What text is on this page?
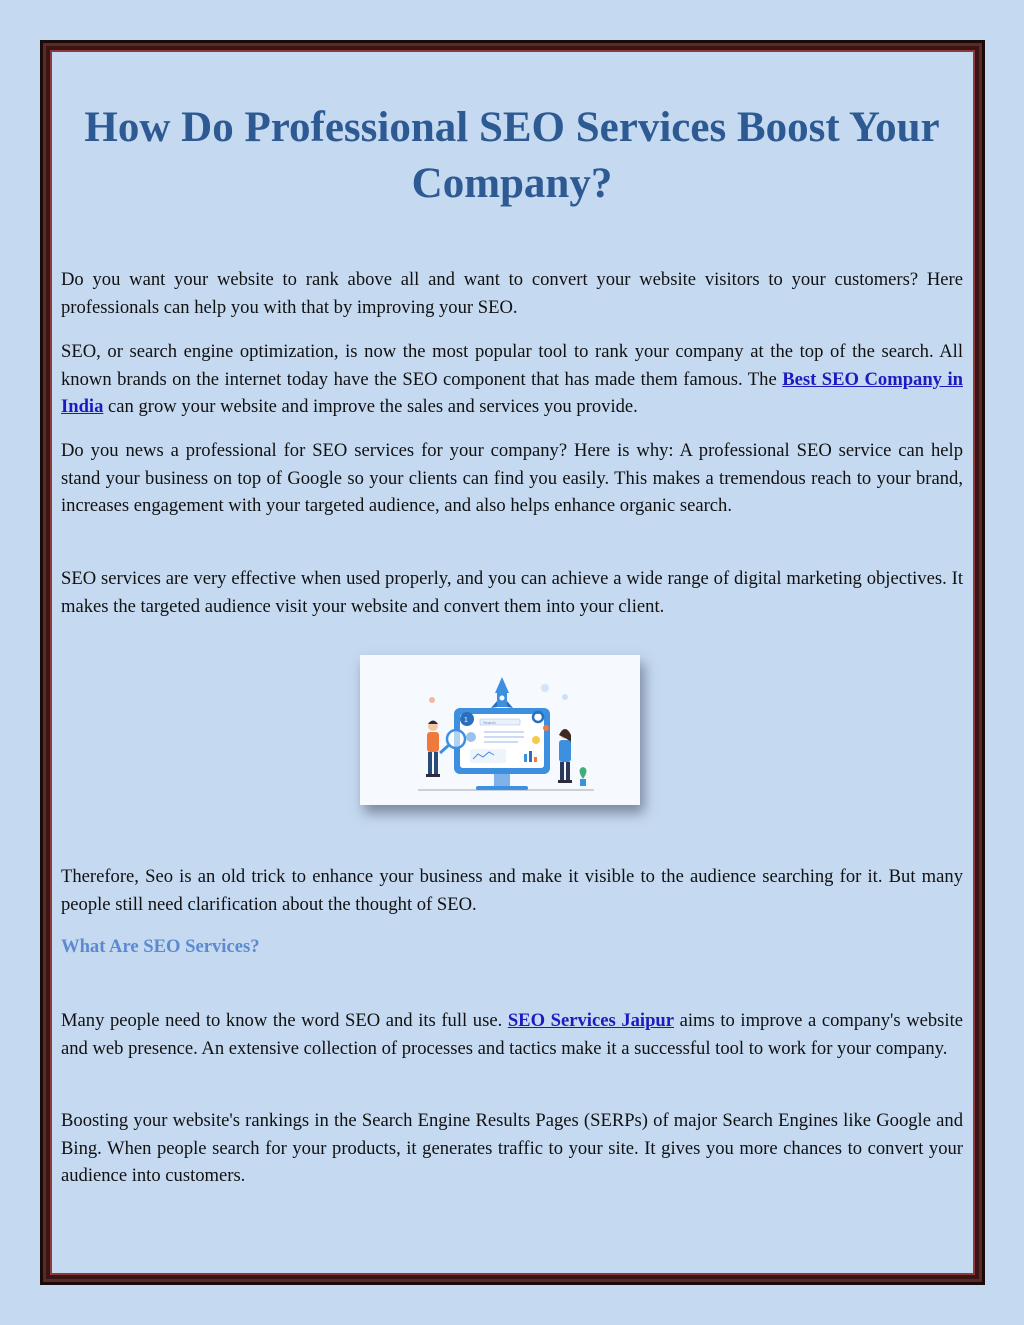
How Do Professional SEO Services Boost Your Company?

Do you want your website to rank above all and want to convert your website visitors to your customers? Here professionals can help you with that by improving your SEO.

SEO, or search engine optimization, is now the most popular tool to rank your company at the top of the search. All known brands on the internet today have the SEO component that has made them famous. The Best SEO Company in India can grow your website and improve the sales and services you provide.

Do you news a professional for SEO services for your company? Here is why: A professional SEO service can help stand your business on top of Google so your clients can find you easily. This makes a tremendous reach to your brand, increases engagement with your targeted audience, and also helps enhance organic search.

SEO services are very effective when used properly, and you can achieve a wide range of digital marketing objectives. It makes the targeted audience visit your website and convert them into your client.

Search
1

Therefore, Seo is an old trick to enhance your business and make it visible to the audience searching for it. But many people still need clarification about the thought of SEO.

What Are SEO Services?

Many people need to know the word SEO and its full use. SEO Services Jaipur aims to improve a company's website and web presence. An extensive collection of processes and tactics make it a successful tool to work for your company.

Boosting your website's rankings in the Search Engine Results Pages (SERPs) of major Search Engines like Google and Bing. When people search for your products, it generates traffic to your site. It gives you more chances to convert your audience into customers.
